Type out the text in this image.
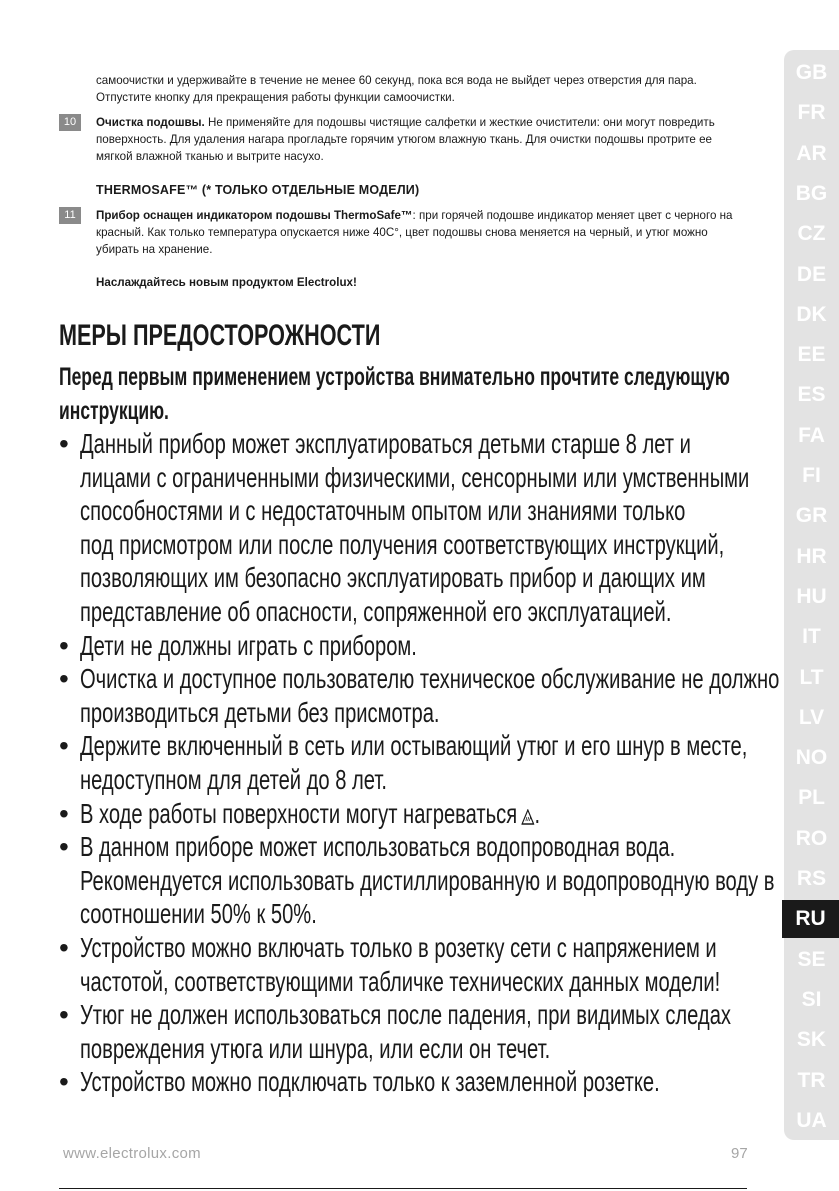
самоочистки и удерживайте в течение не менее 60 секунд, пока вся вода не выйдет через отверстия для пара. Отпустите кнопку для прекращения работы функции самоочистки.

10	Очистка подошвы. Не применяйте для подошвы чистящие салфетки и жесткие очистители: они могут повредить поверхность. Для удаления нагара прогладьте горячим утюгом влажную ткань. Для очистки подошвы протрите ее мягкой влажной тканью и вытрите насухо.

THERMOSAFE™ (* ТОЛЬКО ОТДЕЛЬНЫЕ МОДЕЛИ)

11	Прибор оснащен индикатором подошвы ThermoSafe™: при горячей подошве индикатор меняет цвет с черного на красный. Как только температура опускается ниже 40C°, цвет подошвы снова меняется на черный, и утюг можно убирать на хранение.

Наслаждайтесь новым продуктом Electrolux!

МЕРЫ ПРЕДОСТОРОЖНОСТИ
Перед первым применением устройства внимательно прочтите следующую
инструкцию.
• Данный прибор может эксплуатироваться детьми старше 8 лет и
лицами с ограниченными физическими, сенсорными или умственными
способностями и с недостаточным опытом или знаниями только
под присмотром или после получения соответствующих инструкций,
позволяющих им безопасно эксплуатировать прибор и дающих им
представление об опасности, сопряженной его эксплуатацией.
• Дети не должны играть с прибором.
• Очистка и доступное пользователю техническое обслуживание не должно
производиться детьми без присмотра.
• Держите включенный в сеть или остывающий утюг и его шнур в месте,
недоступном для детей до 8 лет.
• В ходе работы поверхности могут нагреваться .
• В данном приборе может использоваться водопроводная вода.
Рекомендуется использовать дистиллированную и водопроводную воду в
соотношении 50% к 50%.
• Устройство можно включать только в розетку сети с напряжением и
частотой, соответствующими табличке технических данных модели!
• Утюг не должен использоваться после падения, при видимых следах
повреждения утюга или шнура, или если он течет.
• Устройство можно подключать только к заземленной розетке.

www.electrolux.com	97

GB
FR
AR
BG
CZ
DE
DK
EE
ES
FA
FI
GR
HR
HU
IT
LT
LV
NO
PL
RO
RS
RU
SE
SI
SK
TR
UA
